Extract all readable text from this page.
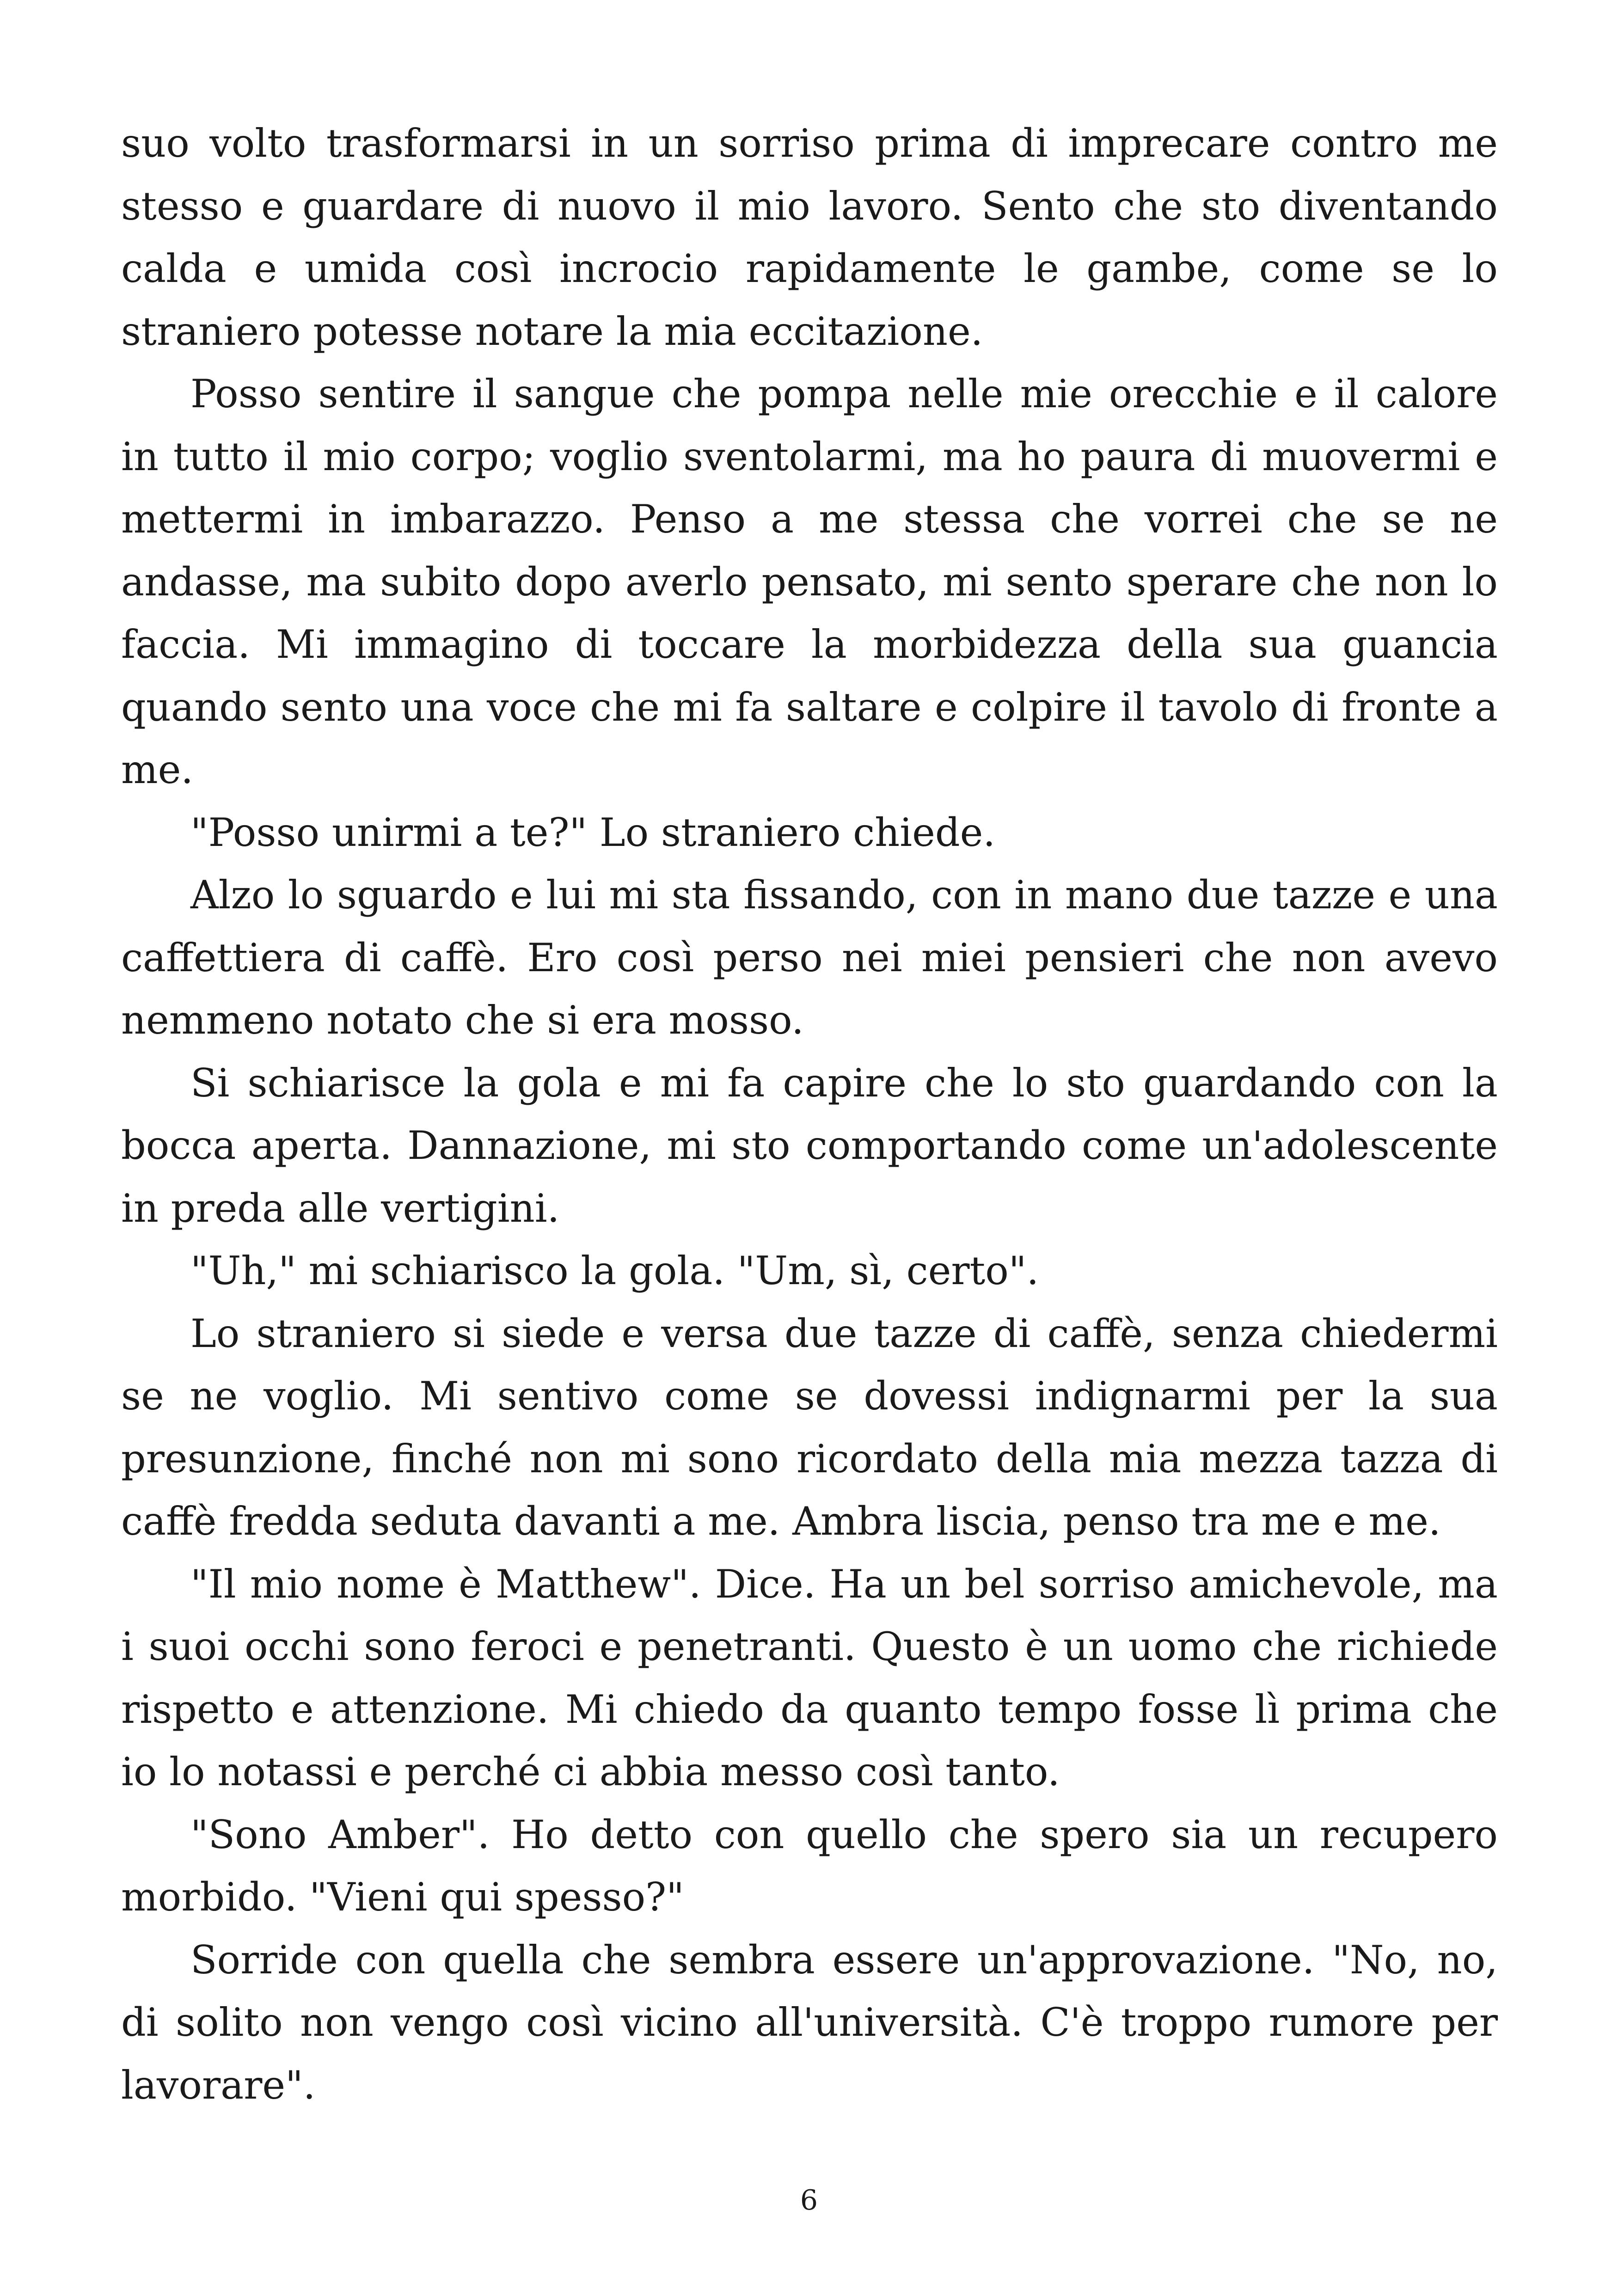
suo volto trasformarsi in un sorriso prima di imprecare contro me stesso e guardare di nuovo il mio lavoro. Sento che sto diventando calda e umida così incrocio rapidamente le gambe, come se lo straniero potesse notare la mia eccitazione.

Posso sentire il sangue che pompa nelle mie orecchie e il calore in tutto il mio corpo; voglio sventolarmi, ma ho paura di muovermi e mettermi in imbarazzo. Penso a me stessa che vorrei che se ne andasse, ma subito dopo averlo pensato, mi sento sperare che non lo faccia. Mi immagino di toccare la morbidezza della sua guancia quando sento una voce che mi fa saltare e colpire il tavolo di fronte a me.

"Posso unirmi a te?" Lo straniero chiede.

Alzo lo sguardo e lui mi sta fissando, con in mano due tazze e una caffettiera di caffè. Ero così perso nei miei pensieri che non avevo nemmeno notato che si era mosso.

Si schiarisce la gola e mi fa capire che lo sto guardando con la bocca aperta. Dannazione, mi sto comportando come un'adolescente in preda alle vertigini.

"Uh," mi schiarisco la gola. "Um, sì, certo".

Lo straniero si siede e versa due tazze di caffè, senza chiedermi se ne voglio. Mi sentivo come se dovessi indignarmi per la sua presunzione, finché non mi sono ricordato della mia mezza tazza di caffè fredda seduta davanti a me. Ambra liscia, penso tra me e me.

"Il mio nome è Matthew". Dice. Ha un bel sorriso amichevole, ma i suoi occhi sono feroci e penetranti. Questo è un uomo che richiede rispetto e attenzione. Mi chiedo da quanto tempo fosse lì prima che io lo notassi e perché ci abbia messo così tanto.

"Sono Amber". Ho detto con quello che spero sia un recupero morbido. "Vieni qui spesso?"

Sorride con quella che sembra essere un'approvazione. "No, no, di solito non vengo così vicino all'università. C'è troppo rumore per lavorare".

6
